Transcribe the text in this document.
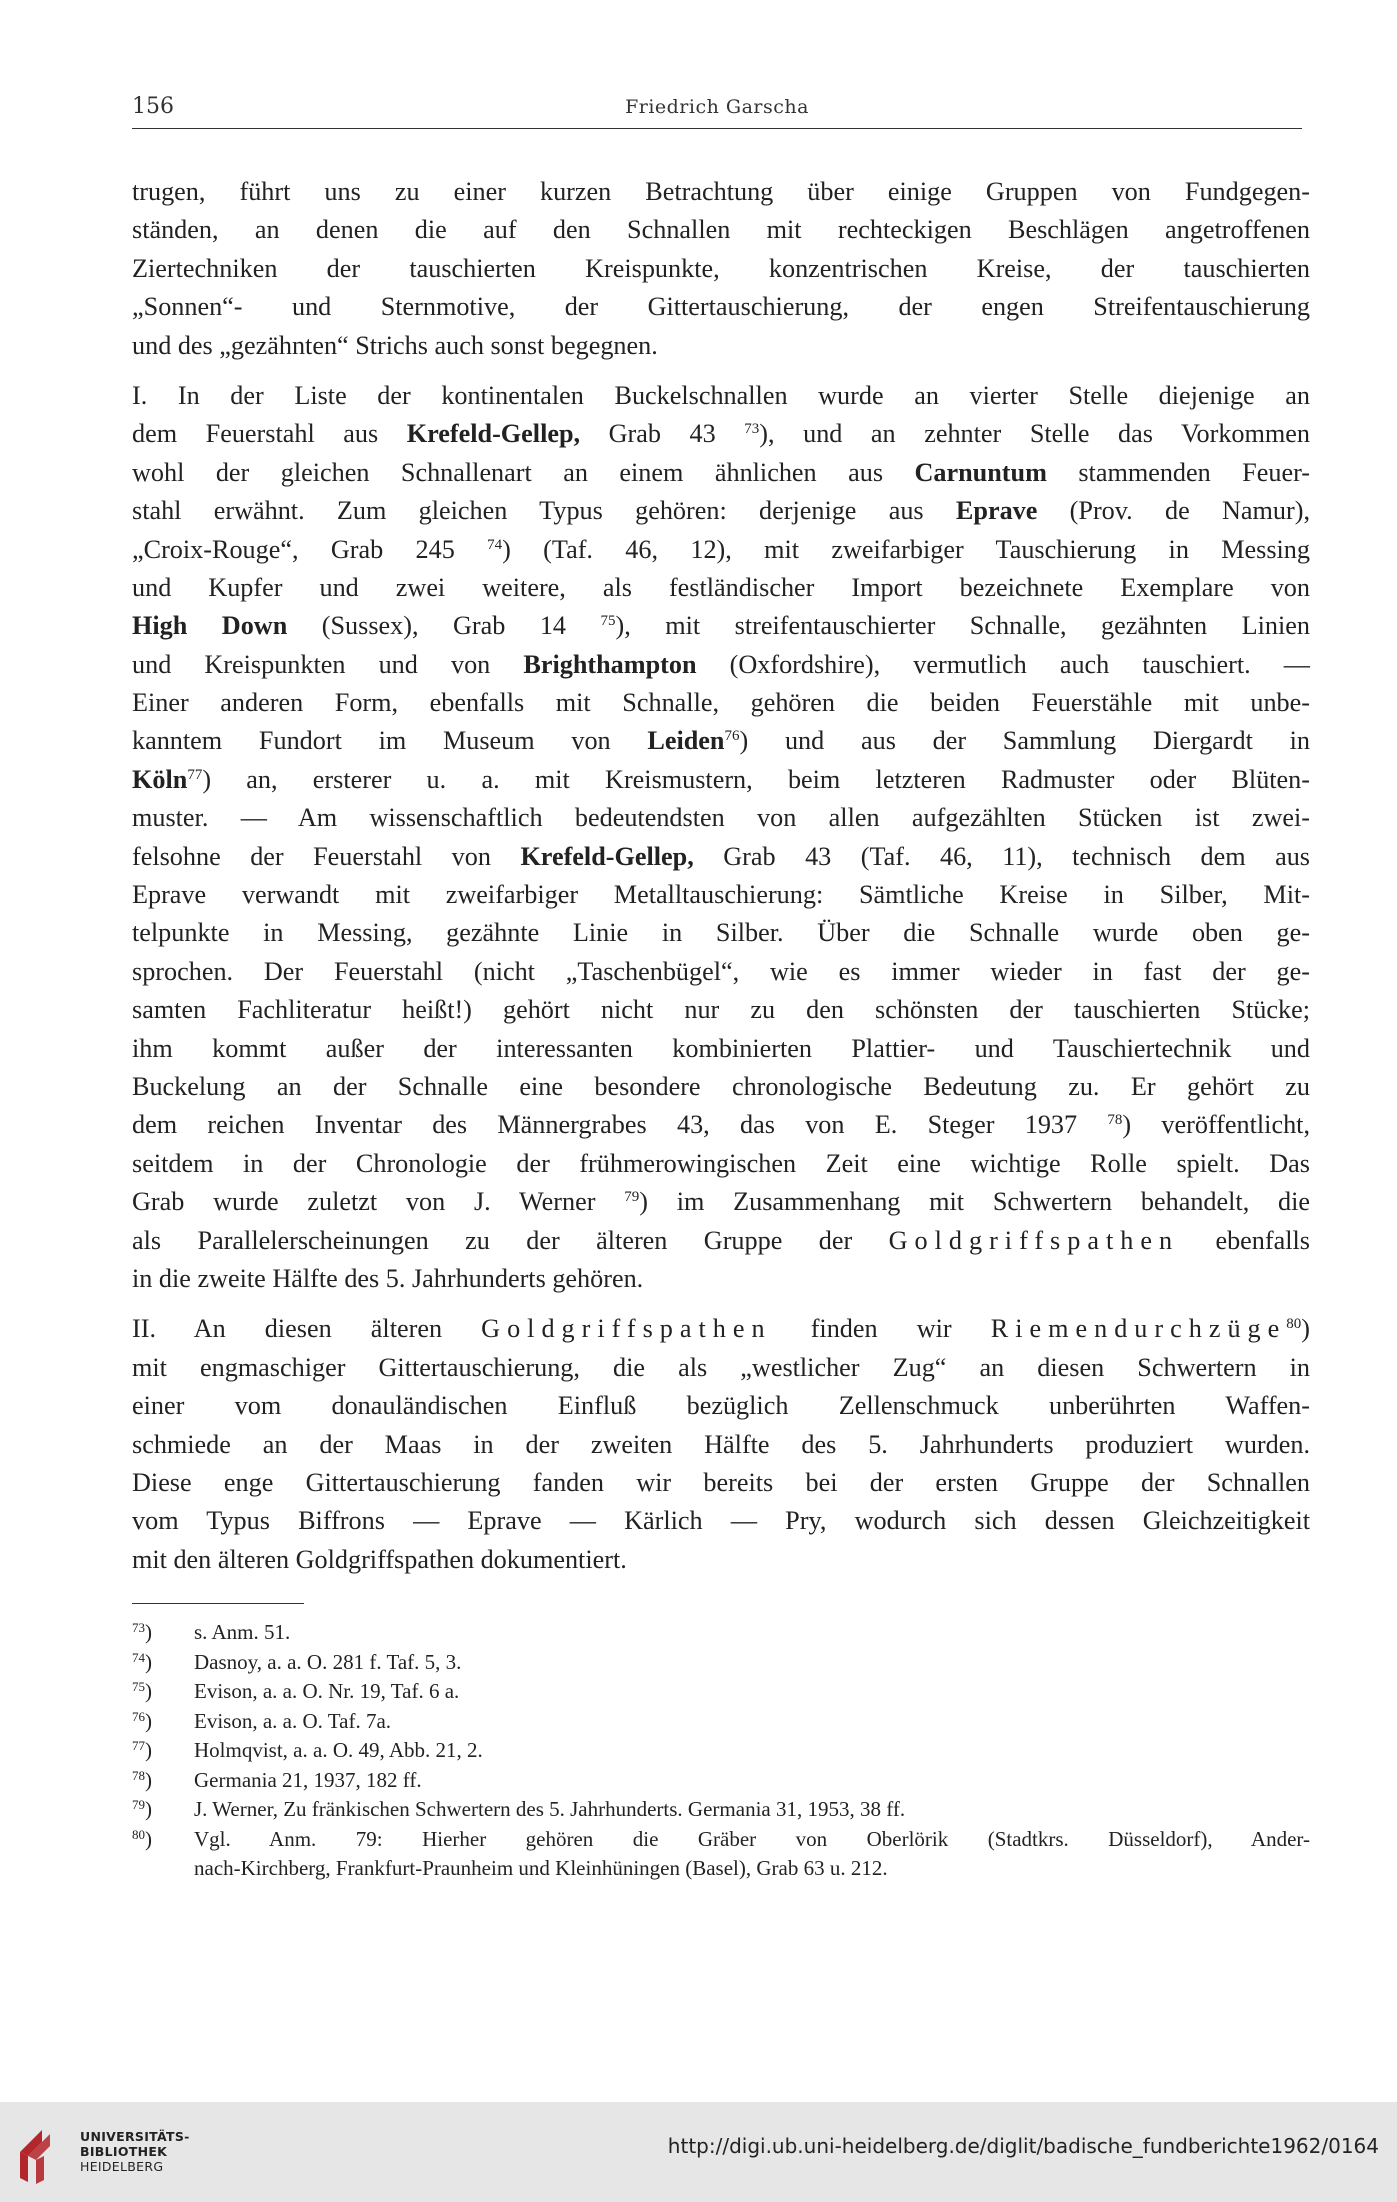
156	Friedrich Garscha
trugen, führt uns zu einer kurzen Betrachtung über einige Gruppen von Fundgegen-
ständen, an denen die auf den Schnallen mit rechteckigen Beschlägen angetroffenen
Ziertechniken der tauschierten Kreispunkte, konzentrischen Kreise, der tauschierten
„Sonnen“- und Sternmotive, der Gittertauschierung, der engen Streifentauschierung
und des „gezähnten“ Strichs auch sonst begegnen.
I. In der Liste der kontinentalen Buckelschnallen wurde an vierter Stelle diejenige an
dem Feuerstahl aus Krefeld-Gellep, Grab 43 $^{73}$), und an zehnter Stelle das Vorkommen
wohl der gleichen Schnallenart an einem ähnlichen aus Carnuntum stammenden Feuer-
stahl erwähnt. Zum gleichen Typus gehören: derjenige aus Eprave (Prov. de Namur),
„Croix-Rouge“, Grab 245 $^{74}$) (Taf. 46, 12), mit zweifarbiger Tauschierung in Messing
und Kupfer und zwei weitere, als festländischer Import bezeichnete Exemplare von
High Down (Sussex), Grab 14 $^{75}$), mit streifentauschierter Schnalle, gezähnten Linien
und Kreispunkten und von Brighthampton (Oxfordshire), vermutlich auch tauschiert. —
Einer anderen Form, ebenfalls mit Schnalle, gehören die beiden Feuerstähle mit unbe-
kanntem Fundort im Museum von Leiden$^{76}$) und aus der Sammlung Diergardt in
Köln$^{77}$) an, ersterer u. a. mit Kreismustern, beim letzteren Radmuster oder Blüten-
muster. — Am wissenschaftlich bedeutendsten von allen aufgezählten Stücken ist zwei-
felsohne der Feuerstahl von Krefeld-Gellep, Grab 43 (Taf. 46, 11), technisch dem aus
Eprave verwandt mit zweifarbiger Metalltauschierung: Sämtliche Kreise in Silber, Mit-
telpunkte in Messing, gezähnte Linie in Silber. Über die Schnalle wurde oben ge-
sprochen. Der Feuerstahl (nicht „Taschenbügel“, wie es immer wieder in fast der ge-
samten Fachliteratur heißt!) gehört nicht nur zu den schönsten der tauschierten Stücke;
ihm kommt außer der interessanten kombinierten Plattier- und Tauschiertechnik und
Buckelung an der Schnalle eine besondere chronologische Bedeutung zu. Er gehört zu
dem reichen Inventar des Männergrabes 43, das von E. Steger 1937 $^{78}$) veröffentlicht,
seitdem in der Chronologie der frühmerowingischen Zeit eine wichtige Rolle spielt. Das
Grab wurde zuletzt von J. Werner $^{79}$) im Zusammenhang mit Schwertern behandelt, die
als Parallelerscheinungen zu der älteren Gruppe der Goldgriffspathen ebenfalls
in die zweite Hälfte des 5. Jahrhunderts gehören.
II. An diesen älteren Goldgriffspathen finden wir Riemendurchzüge$^{80}$)
mit engmaschiger Gittertauschierung, die als „westlicher Zug“ an diesen Schwertern in
einer vom donauländischen Einfluß bezüglich Zellenschmuck unberührten Waffen-
schmiede an der Maas in der zweiten Hälfte des 5. Jahrhunderts produziert wurden.
Diese enge Gittertauschierung fanden wir bereits bei der ersten Gruppe der Schnallen
vom Typus Biffrons — Eprave — Kärlich — Pry, wodurch sich dessen Gleichzeitigkeit
mit den älteren Goldgriffspathen dokumentiert.
$^{73}$)	s. Anm. 51.
$^{74}$)	Dasnoy, a. a. O. 281 f. Taf. 5, 3.
$^{75}$)	Evison, a. a. O. Nr. 19, Taf. 6 a.
$^{76}$)	Evison, a. a. O. Taf. 7a.
$^{77}$)	Holmqvist, a. a. O. 49, Abb. 21, 2.
$^{78}$)	Germania 21, 1937, 182 ff.
$^{79}$)	J. Werner, Zu fränkischen Schwertern des 5. Jahrhunderts. Germania 31, 1953, 38 ff.
$^{80}$)	Vgl. Anm. 79: Hierher gehören die Gräber von Oberlörik (Stadtkrs. Düsseldorf), Ander-
nach-Kirchberg, Frankfurt-Praunheim und Kleinhüningen (Basel), Grab 63 u. 212.
UNIVERSITÄTS-
BIBLIOTHEK
HEIDELBERG
http://digi.ub.uni-heidelberg.de/diglit/badische_fundberichte1962/0164
